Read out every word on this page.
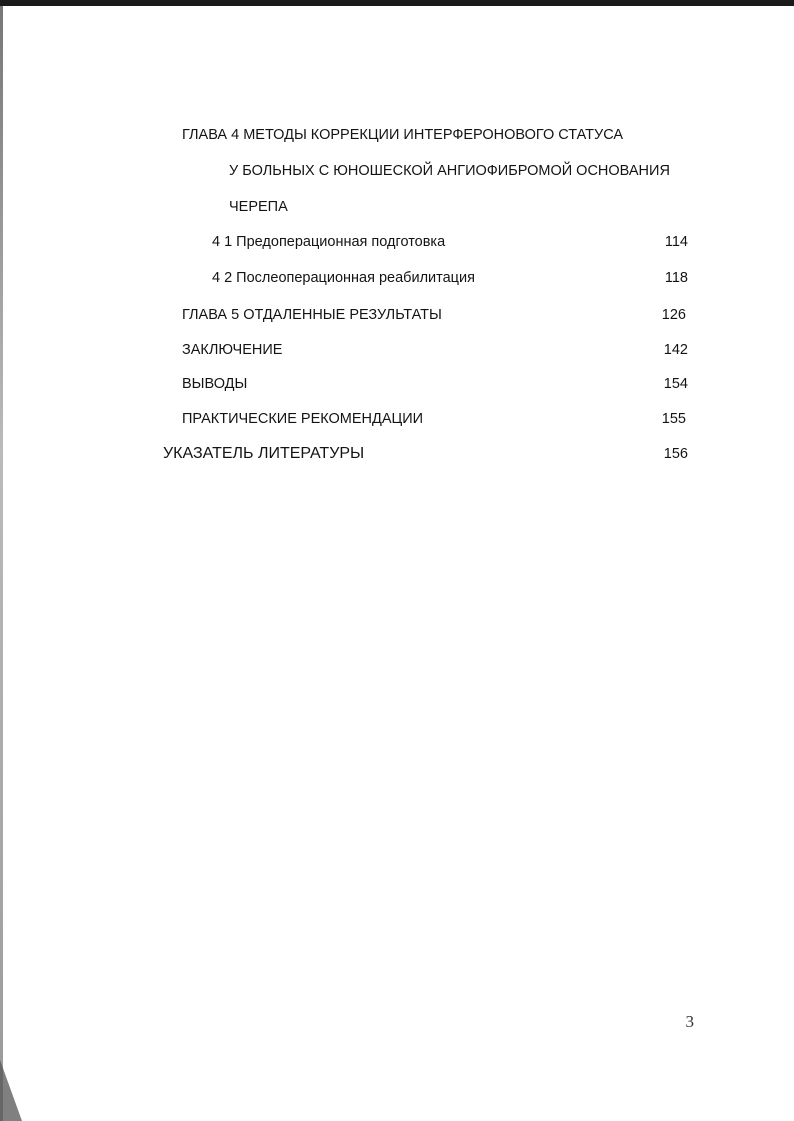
ГЛАВА 4 МЕТОДЫ КОРРЕКЦИИ ИНТЕРФЕРОНОВОГО СТАТУСА
У БОЛЬНЫХ С ЮНОШЕСКОЙ АНГИОФИБРОМОЙ ОСНОВАНИЯ
ЧЕРЕПА
4 1 Предоперационная подготовка	114
4 2 Послеоперационная реабилитация	118
ГЛАВА 5 ОТДАЛЕННЫЕ РЕЗУЛЬТАТЫ	126
ЗАКЛЮЧЕНИЕ	142
ВЫВОДЫ	154
ПРАКТИЧЕСКИЕ РЕКОМЕНДАЦИИ	155
УКАЗАТЕЛЬ ЛИТЕРАТУРЫ	156
3
